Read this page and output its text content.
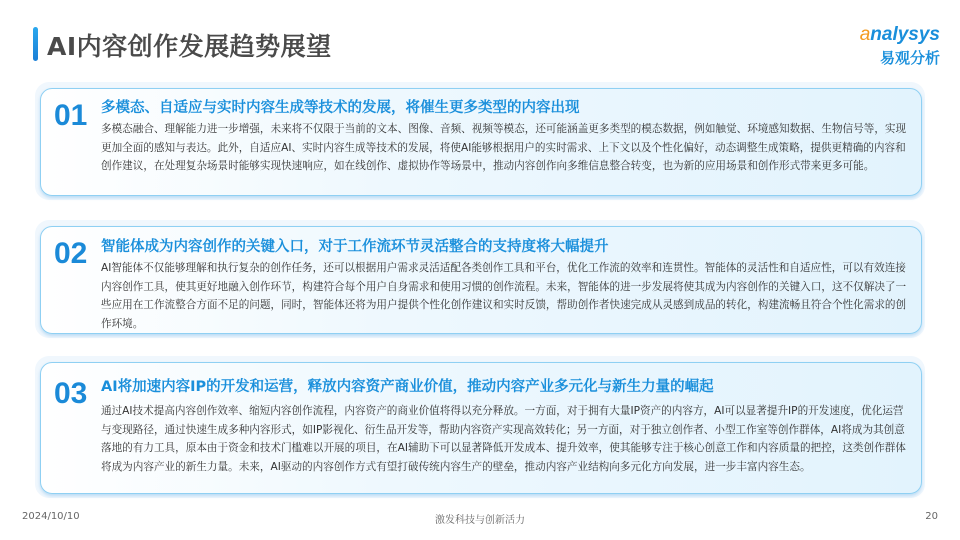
AI内容创作发展趋势展望	analysys
易观分析
01 多模态、自适应与实时内容生成等技术的发展，将催生更多类型的内容出现
多模态融合、理解能力进一步增强，未来将不仅限于当前的文本、图像、音频、视频等模态，还可能涵盖更多类型的模态数据，例如触觉、环境感知数据、生物信号等，实现更加全面的感知与表达。此外，自适应AI、实时内容生成等技术的发展，将使AI能够根据用户的实时需求、上下文以及个性化偏好，动态调整生成策略，提供更精确的内容和创作建议，在处理复杂场景时能够实现快速响应，如在线创作、虚拟协作等场景中，推动内容创作向多维信息整合转变，也为新的应用场景和创作形式带来更多可能。
02 智能体成为内容创作的关键入口，对于工作流环节灵活整合的支持度将大幅提升
AI智能体不仅能够理解和执行复杂的创作任务，还可以根据用户需求灵活适配各类创作工具和平台，优化工作流的效率和连贯性。智能体的灵活性和自适应性，可以有效连接内容创作工具，使其更好地融入创作环节，构建符合每个用户自身需求和使用习惯的创作流程。未来，智能体的进一步发展将使其成为内容创作的关键入口，这不仅解决了一些应用在工作流整合方面不足的问题，同时，智能体还将为用户提供个性化创作建议和实时反馈，帮助创作者快速完成从灵感到成品的转化，构建流畅且符合个性化需求的创作环境。
03 AI将加速内容IP的开发和运营，释放内容资产商业价值，推动内容产业多元化与新生力量的崛起
通过AI技术提高内容创作效率、缩短内容创作流程，内容资产的商业价值将得以充分释放。一方面，对于拥有大量IP资产的内容方，AI可以显著提升IP的开发速度，优化运营与变现路径，通过快速生成多种内容形式，如IP影视化、衍生品开发等，帮助内容资产实现高效转化；另一方面，对于独立创作者、小型工作室等创作群体，AI将成为其创意落地的有力工具，原本由于资金和技术门槛难以开展的项目，在AI辅助下可以显著降低开发成本、提升效率，使其能够专注于核心创意工作和内容质量的把控，这类创作群体将成为内容产业的新生力量。未来，AI驱动的内容创作方式有望打破传统内容生产的壁垒，推动内容产业结构向多元化方向发展，进一步丰富内容生态。
2024/10/10	激发科技与创新活力	20
